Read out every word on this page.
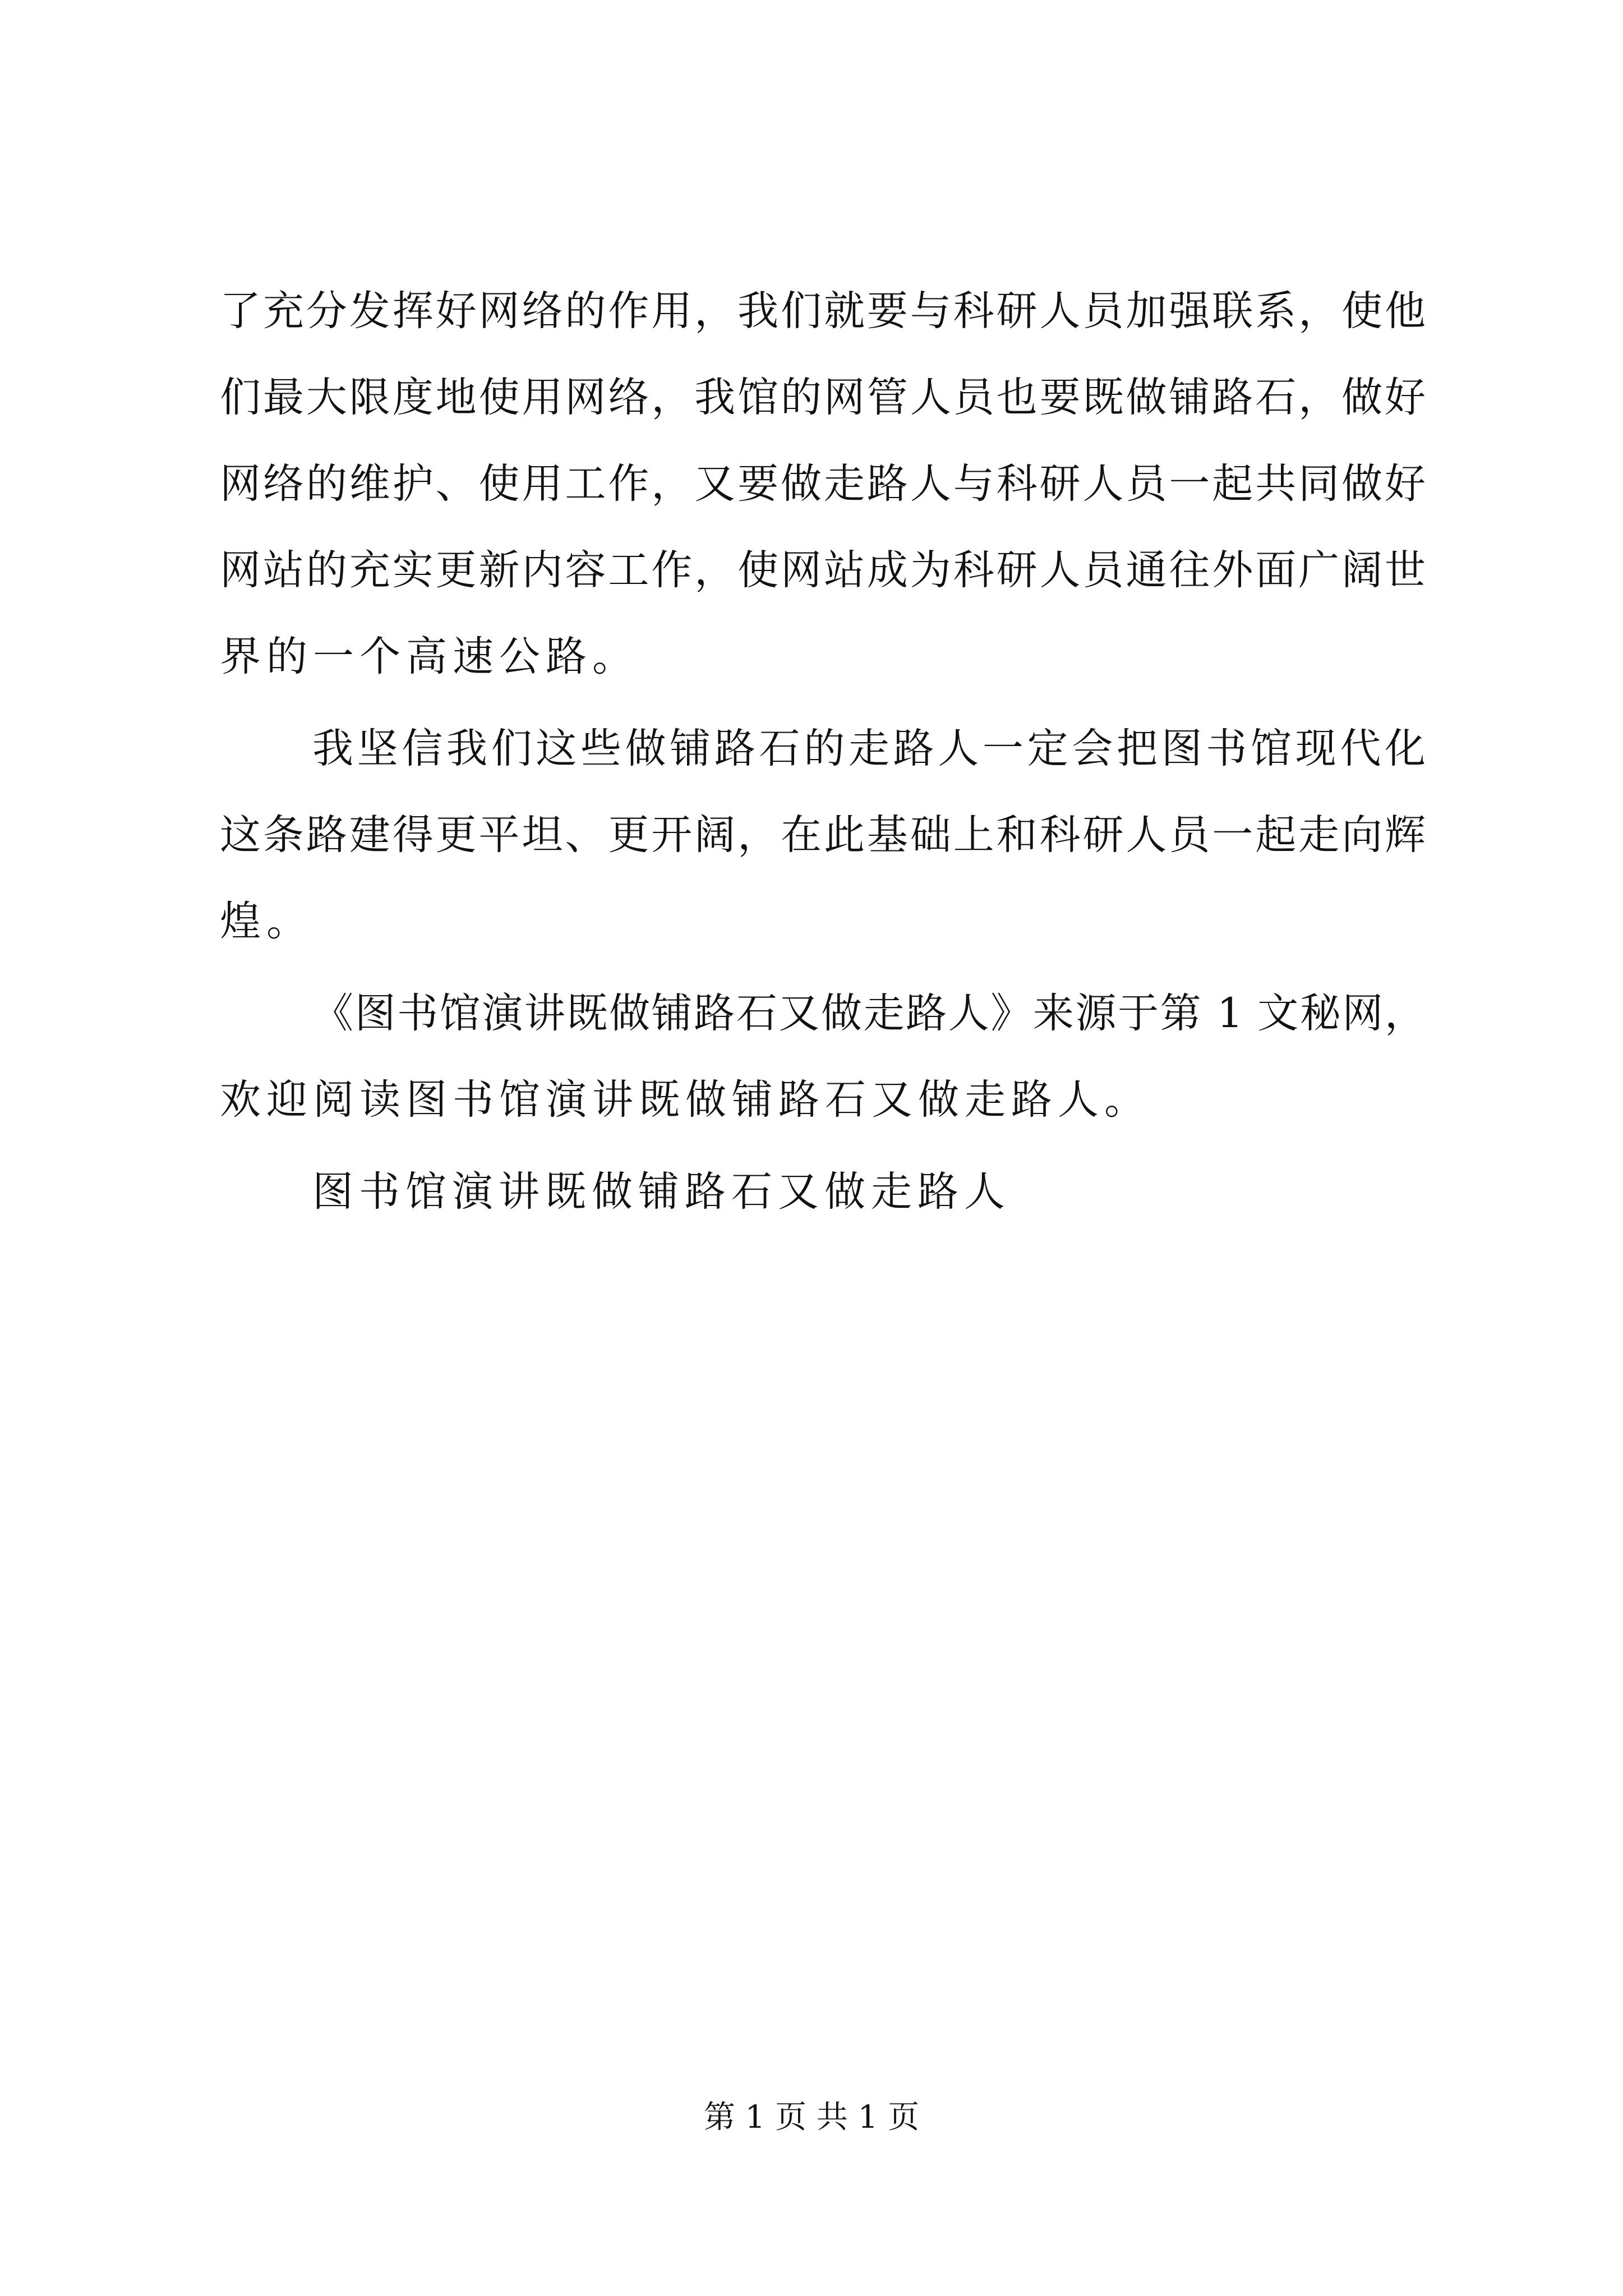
了充分发挥好网络的作用，我们就要与科研人员加强联系，使他
们最大限度地使用网络，我馆的网管人员也要既做铺路石，做好
网络的维护、使用工作，又要做走路人与科研人员一起共同做好
网站的充实更新内容工作，使网站成为科研人员通往外面广阔世
界的一个高速公路。
我坚信我们这些做铺路石的走路人一定会把图书馆现代化
这条路建得更平坦、更开阔，在此基础上和科研人员一起走向辉
煌。
《图书馆演讲既做铺路石又做走路人》来源于第 1 文秘网，
欢迎阅读图书馆演讲既做铺路石又做走路人。
图书馆演讲既做铺路石又做走路人
第 1 页 共 1 页
